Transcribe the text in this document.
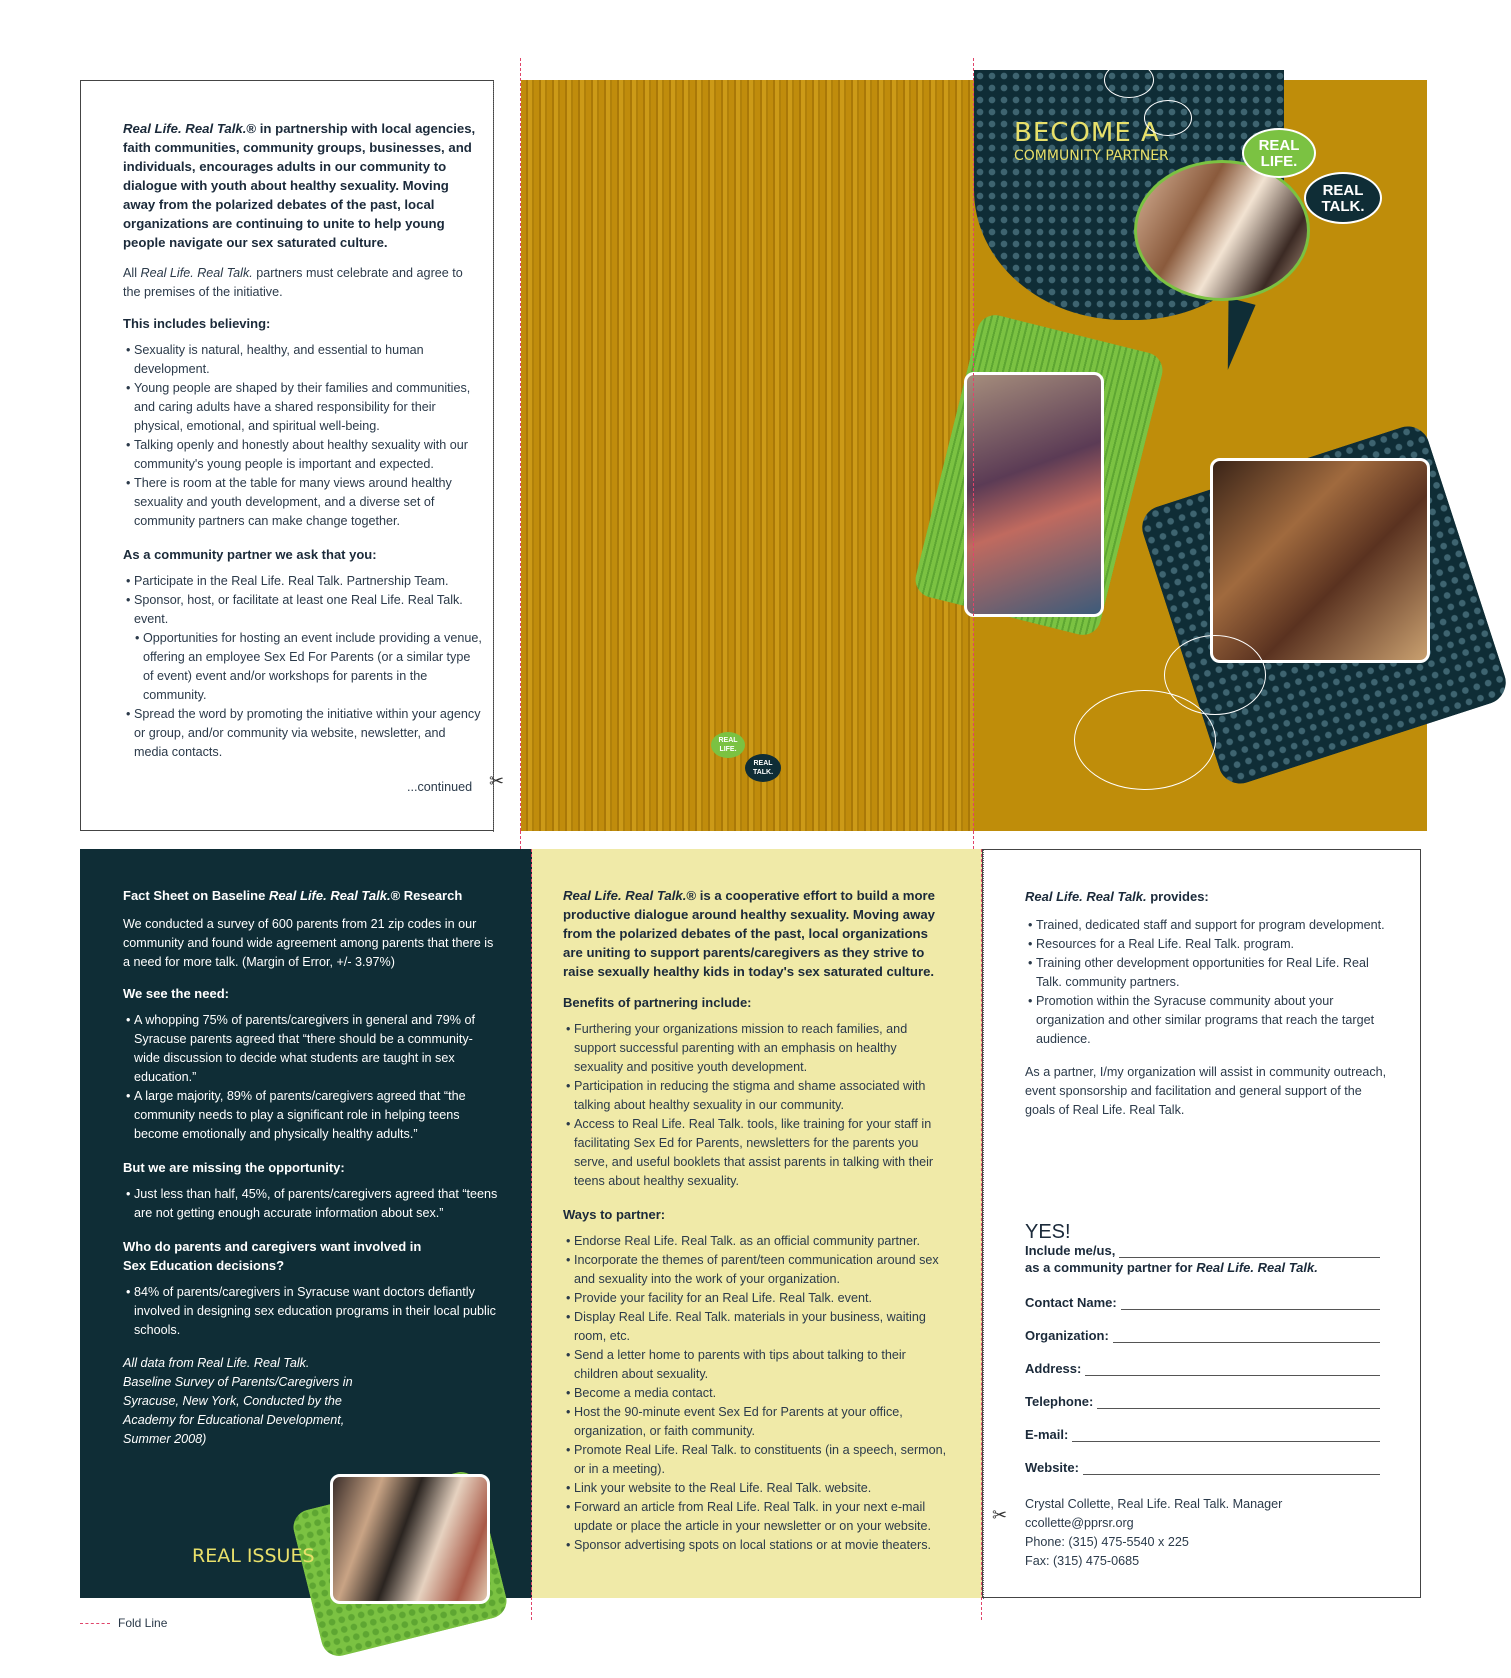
Real Life. Real Talk.® in partnership with local agencies, faith communities, community groups, businesses, and individuals, encourages adults in our community to dialogue with youth about healthy sexuality. Moving away from the polarized debates of the past, local organizations are continuing to unite to help young people navigate our sex saturated culture.

All Real Life. Real Talk. partners must celebrate and agree to the premises of the initiative.

This includes believing:
• Sexuality is natural, healthy, and essential to human development.
• Young people are shaped by their families and communities, and caring adults have a shared responsibility for their physical, emotional, and spiritual well-being.
• Talking openly and honestly about healthy sexuality with our community's young people is important and expected.
• There is room at the table for many views around healthy sexuality and youth development, and a diverse set of community partners can make change together.
As a community partner we ask that you:
• Participate in the Real Life. Real Talk. Partnership Team.
• Sponsor, host, or facilitate at least one Real Life. Real Talk. event.
• Opportunities for hosting an event include providing a venue, offering an employee Sex Ed For Parents (or a similar type of event) event and/or workshops for parents in the community.
• Spread the word by promoting the initiative within your agency or group, and/or community via website, newsletter, and media contacts.
...continued ✂
REAL LIFE.
REAL TALK.
BECOME A
COMMUNITY PARTNER
REAL
LIFE.
REAL
TALK.
Fact Sheet on Baseline Real Life. Real Talk.® Research

We conducted a survey of 600 parents from 21 zip codes in our community and found wide agreement among parents that there is a need for more talk. (Margin of Error, +/- 3.97%)

We see the need:
• A whopping 75% of parents/caregivers in general and 79% of Syracuse parents agreed that “there should be a community-wide discussion to decide what students are taught in sex education.”
• A large majority, 89% of parents/caregivers agreed that “the community needs to play a significant role in helping teens become emotionally and physically healthy adults.”
But we are missing the opportunity:
• Just less than half, 45%, of parents/caregivers agreed that “teens are not getting enough accurate information about sex.”
Who do parents and caregivers want involved in Sex Education decisions?
• 84% of parents/caregivers in Syracuse want doctors defiantly involved in designing sex education programs in their local public schools.

All data from Real Life. Real Talk. Baseline Survey of Parents/Caregivers in Syracuse, New York, Conducted by the Academy for Educational Development, Summer 2008)

REAL ISSUES
Real Life. Real Talk.® is a cooperative effort to build a more productive dialogue around healthy sexuality. Moving away from the polarized debates of the past, local organizations are uniting to support parents/caregivers as they strive to raise sexually healthy kids in today's sex saturated culture.
Benefits of partnering include:
• Furthering your organizations mission to reach families, and support successful parenting with an emphasis on healthy sexuality and positive youth development.
• Participation in reducing the stigma and shame associated with talking about healthy sexuality in our community.
• Access to Real Life. Real Talk. tools, like training for your staff in facilitating Sex Ed for Parents, newsletters for the parents you serve, and useful booklets that assist parents in talking with their teens about healthy sexuality.
Ways to partner:
• Endorse Real Life. Real Talk. as an official community partner.
• Incorporate the themes of parent/teen communication around sex and sexuality into the work of your organization.
• Provide your facility for an Real Life. Real Talk. event.
• Display Real Life. Real Talk. materials in your business, waiting room, etc.
• Send a letter home to parents with tips about talking to their children about sexuality.
• Become a media contact.
• Host the 90-minute event Sex Ed for Parents at your office, organization, or faith community.
• Promote Real Life. Real Talk. to constituents (in a speech, sermon, or in a meeting).
• Link your website to the Real Life. Real Talk. website.
• Forward an article from Real Life. Real Talk. in your next e-mail update or place the article in your newsletter or on your website.
• Sponsor advertising spots on local stations or at movie theaters.
✂
Real Life. Real Talk. provides:
• Trained, dedicated staff and support for program development.
• Resources for a Real Life. Real Talk. program.
• Training other development opportunities for Real Life. Real Talk. community partners.
• Promotion within the Syracuse community about your organization and other similar programs that reach the target audience.

As a partner, I/my organization will assist in community outreach, event sponsorship and facilitation and general support of the goals of Real Life. Real Talk.

YES!
Include me/us,
as a community partner for Real Life. Real Talk.
Contact Name:
Organization:
Address:
Telephone:
E-mail:
Website:
Crystal Collette, Real Life. Real Talk. Manager
ccollette@pprsr.org
Phone: (315) 475-5540 x 225
Fax: (315) 475-0685
Fold Line
